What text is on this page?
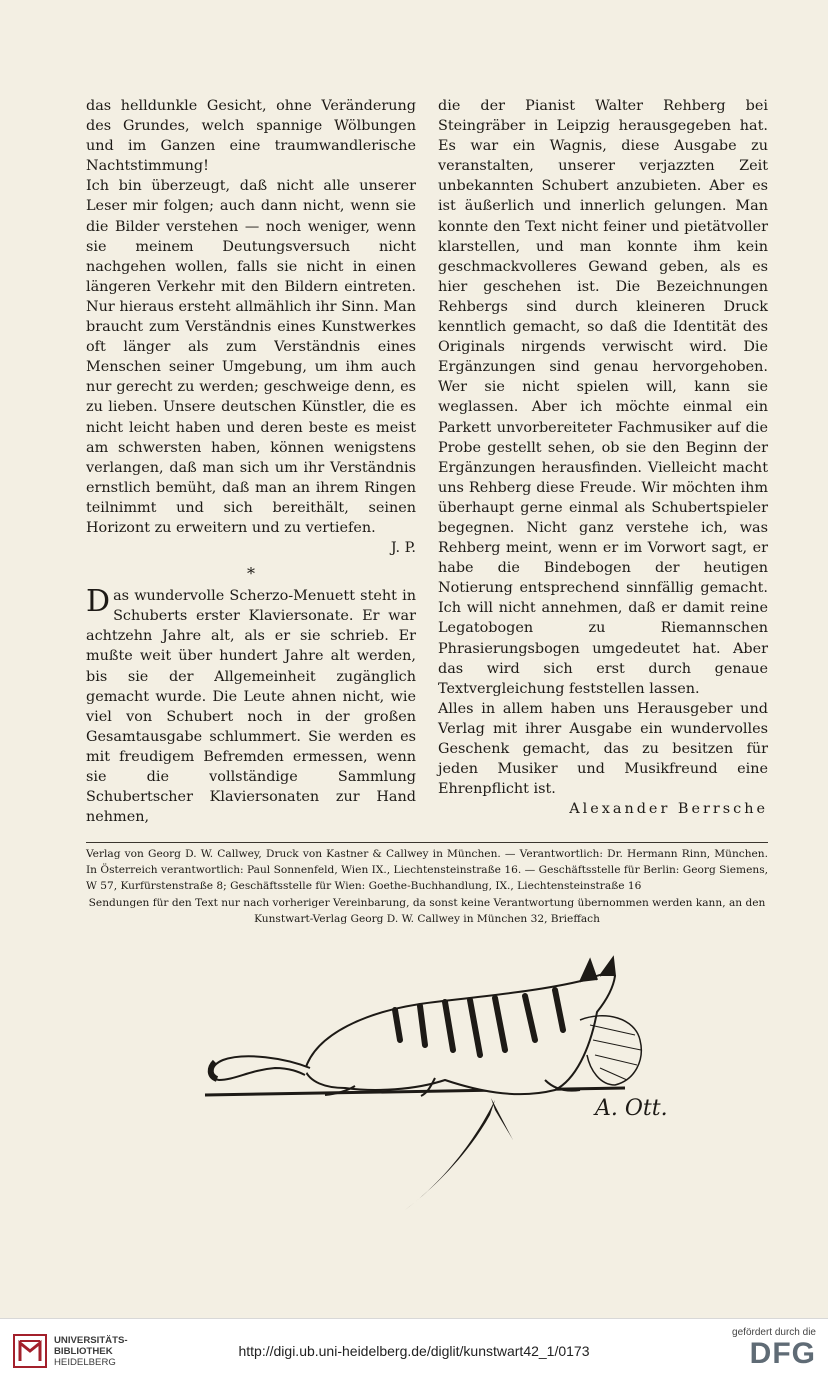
das helldunkle Gesicht, ohne Veränderung des Grundes, welch spannige Wölbungen und im Ganzen eine traumwandlerische Nachtstimmung!

Ich bin überzeugt, daß nicht alle unserer Leser mir folgen; auch dann nicht, wenn sie die Bilder verstehen — noch weniger, wenn sie meinem Deutungsversuch nicht nachgehen wollen, falls sie nicht in einen längeren Verkehr mit den Bildern eintreten. Nur hieraus ersteht allmählich ihr Sinn. Man braucht zum Verständnis eines Kunstwerkes oft länger als zum Verständnis eines Menschen seiner Umgebung, um ihm auch nur gerecht zu werden; geschweige denn, es zu lieben. Unsere deutschen Künstler, die es nicht leicht haben und deren beste es meist am schwersten haben, können wenigstens verlangen, daß man sich um ihr Verständnis ernstlich bemüht, daß man an ihrem Ringen teilnimmt und sich bereithält, seinen Horizont zu erweitern und zu vertiefen.

J. P.

*

Das wundervolle Scherzo-Menuett steht in Schuberts erster Klaviersonate. Er war achtzehn Jahre alt, als er sie schrieb. Er mußte weit über hundert Jahre alt werden, bis sie der Allgemeinheit zugänglich gemacht wurde. Die Leute ahnen nicht, wie viel von Schubert noch in der großen Gesamtausgabe schlummert. Sie werden es mit freudigem Befremden ermessen, wenn sie die vollständige Sammlung Schubertscher Klaviersonaten zur Hand nehmen,

die der Pianist Walter Rehberg bei Steingräber in Leipzig herausgegeben hat. Es war ein Wagnis, diese Ausgabe zu veranstalten, unserer verjazzten Zeit unbekannten Schubert anzubieten. Aber es ist äußerlich und innerlich gelungen. Man konnte den Text nicht feiner und pietätvoller klarstellen, und man konnte ihm kein geschmackvolleres Gewand geben, als es hier geschehen ist. Die Bezeichnungen Rehbergs sind durch kleineren Druck kenntlich gemacht, so daß die Identität des Originals nirgends verwischt wird. Die Ergänzungen sind genau hervorgehoben. Wer sie nicht spielen will, kann sie weglassen. Aber ich möchte einmal ein Parkett unvorbereiteter Fachmusiker auf die Probe gestellt sehen, ob sie den Beginn der Ergänzungen herausfinden. Vielleicht macht uns Rehberg diese Freude. Wir möchten ihm überhaupt gerne einmal als Schubertspieler begegnen. Nicht ganz verstehe ich, was Rehberg meint, wenn er im Vorwort sagt, er habe die Bindebogen der heutigen Notierung entsprechend sinnfällig gemacht. Ich will nicht annehmen, daß er damit reine Legatobogen zu Riemannschen Phrasierungsbogen umgedeutet hat. Aber das wird sich erst durch genaue Textvergleichung feststellen lassen.

Alles in allem haben uns Herausgeber und Verlag mit ihrer Ausgabe ein wundervolles Geschenk gemacht, das zu besitzen für jeden Musiker und Musikfreund eine Ehrenpflicht ist.

Alexander Berrsche

Verlag von Georg D. W. Callwey, Druck von Kastner & Callwey in München. — Verantwortlich: Dr. Hermann Rinn, München. In Österreich verantwortlich: Paul Sonnenfeld, Wien IX., Liechtensteinstraße 16. — Geschäftsstelle für Berlin: Georg Siemens, W 57, Kurfürstenstraße 8; Geschäftsstelle für Wien: Goethe-Buchhandlung, IX., Liechtensteinstraße 16

Sendungen für den Text nur nach vorheriger Vereinbarung, da sonst keine Verantwortung übernommen werden kann, an den Kunstwart-Verlag Georg D. W. Callwey in München 32, Brieffach

A. Ott.
UNIVERSITÄTS-
BIBLIOTHEK
HEIDELBERG
http://digi.ub.uni-heidelberg.de/diglit/kunstwart42_1/0173
gefördert durch die
DFG
